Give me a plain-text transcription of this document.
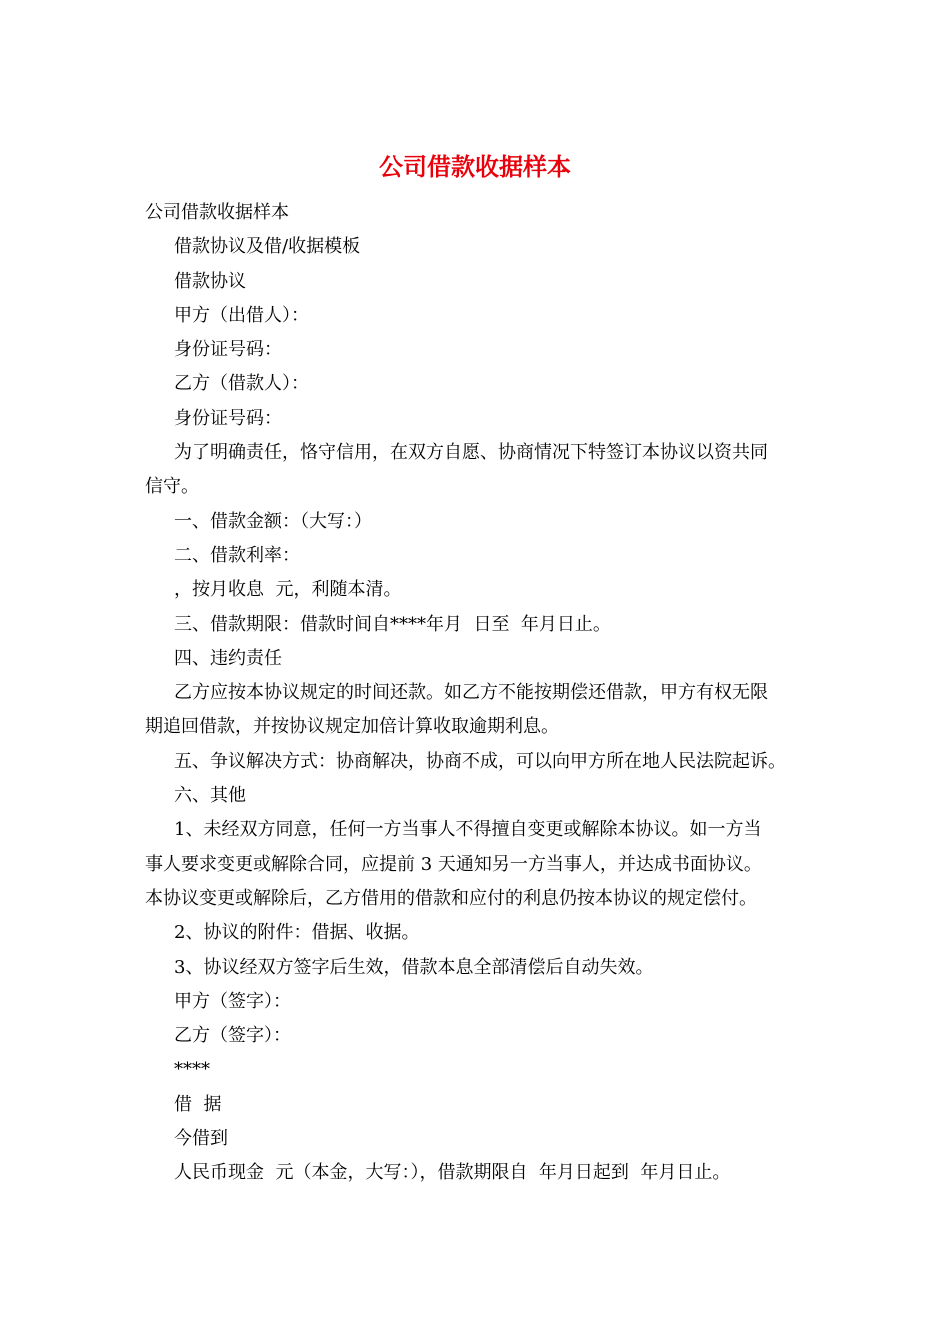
公司借款收据样本

公司借款收据样本

借款协议及借/收据模板

借款协议

甲方（出借人）：

身份证号码：

乙方（借款人）：

身份证号码：

为了明确责任，恪守信用，在双方自愿、协商情况下特签订本协议以资共同

信守。

一、借款金额：（大写：）

二、借款利率：

，按月收息  元，利随本清。

三、借款期限：借款时间自****年月  日至  年月日止。

四、违约责任

乙方应按本协议规定的时间还款。如乙方不能按期偿还借款，甲方有权无限

期追回借款，并按协议规定加倍计算收取逾期利息。

五、争议解决方式：协商解决，协商不成，可以向甲方所在地人民法院起诉。

六、其他

1、未经双方同意，任何一方当事人不得擅自变更或解除本协议。如一方当

事人要求变更或解除合同，应提前 3 天通知另一方当事人，并达成书面协议。

本协议变更或解除后，乙方借用的借款和应付的利息仍按本协议的规定偿付。

2、协议的附件：借据、收据。

3、协议经双方签字后生效，借款本息全部清偿后自动失效。

甲方（签字）：

乙方（签字）：

****

借  据

今借到

人民币现金  元（本金，大写：），借款期限自  年月日起到  年月日止。
